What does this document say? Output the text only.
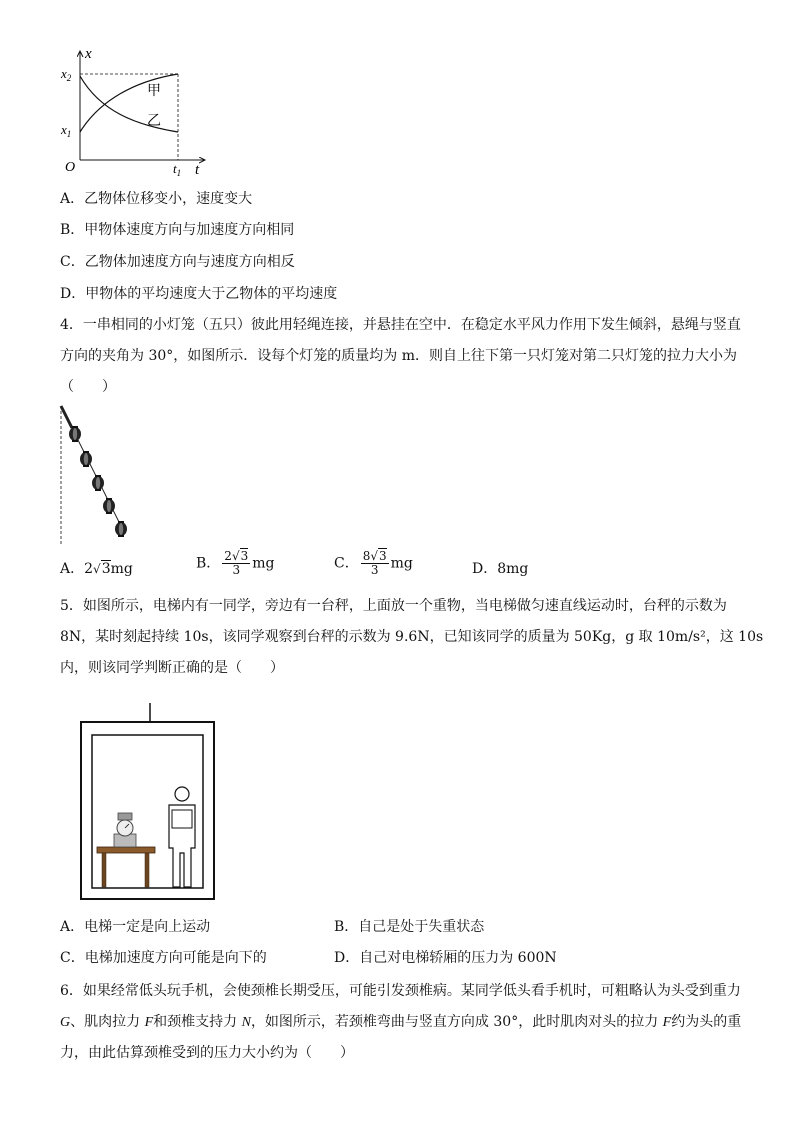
t
x
O
$x_2$
$x_1$
$t_1$
甲
乙
A．乙物体位移变小，速度变大
B．甲物体速度方向与加速度方向相同
C．乙物体加速度方向与速度方向相反
D．甲物体的平均速度大于乙物体的平均速度
4．一串相同的小灯笼（五只）彼此用轻绳连接，并悬挂在空中．在稳定水平风力作用下发生倾斜，悬绳与竖直
方向的夹角为 30°，如图所示．设每个灯笼的质量均为 m．则自上往下第一只灯笼对第二只灯笼的拉力大小为
（　　）
A．2√3mg	B． $\frac{2√3}{3}$ mg	C． $\frac{8√3}{3}$ mg	D．8mg
5．如图所示，电梯内有一同学，旁边有一台秤，上面放一个重物，当电梯做匀速直线运动时，台秤的示数为
8N，某时刻起持续 10s，该同学观察到台秤的示数为 9.6N，已知该同学的质量为 50Kg，g 取 10m/s²，这 10s
内，则该同学判断正确的是（　　）
A．电梯一定是向上运动	B．自己是处于失重状态
C．电梯加速度方向可能是向下的	D．自己对电梯轿厢的压力为 600N
6．如果经常低头玩手机，会使颈椎长期受压，可能引发颈椎病。某同学低头看手机时，可粗略认为头受到重力
G、肌肉拉力 F和颈椎支持力 N，如图所示，若颈椎弯曲与竖直方向成 30°，此时肌肉对头的拉力 F约为头的重
力，由此估算颈椎受到的压力大小约为（　　）
